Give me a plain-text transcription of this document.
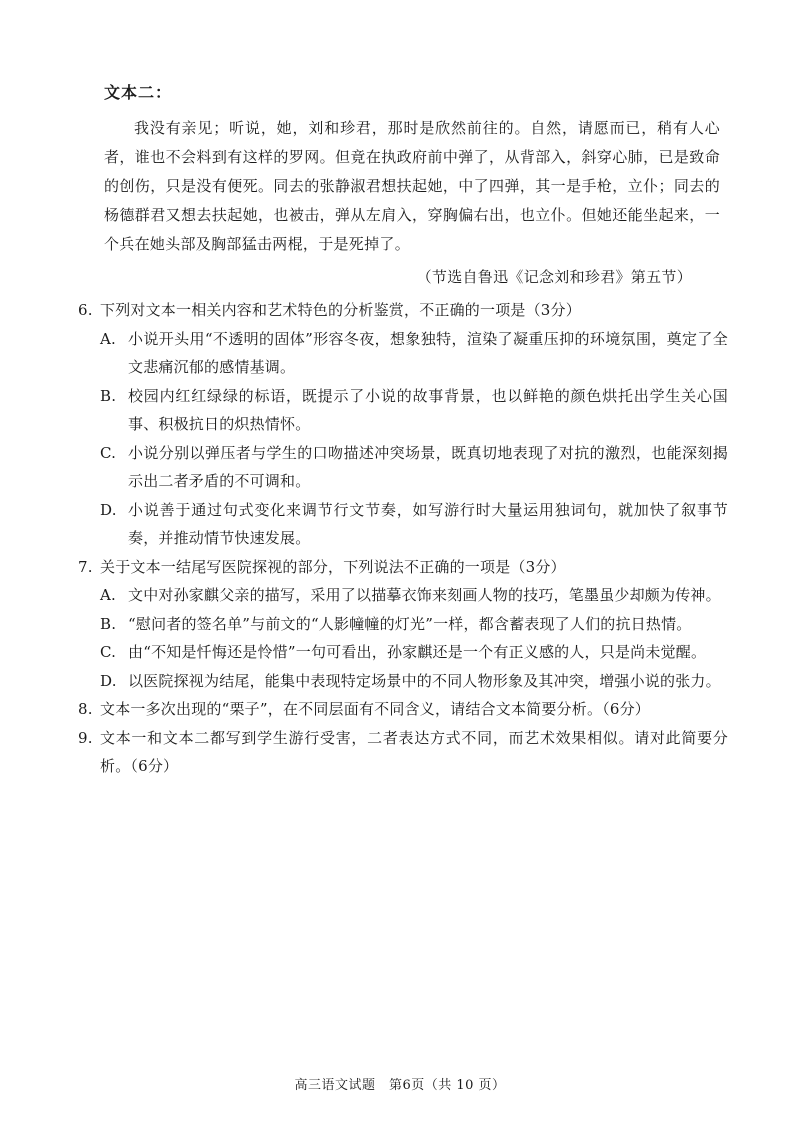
文本二：

我没有亲见；听说，她，刘和珍君，那时是欣然前往的。自然，请愿而已，稍有人心者，谁也不会料到有这样的罗网。但竟在执政府前中弹了，从背部入，斜穿心肺，已是致命的创伤，只是没有便死。同去的张静淑君想扶起她，中了四弹，其一是手枪，立仆；同去的杨德群君又想去扶起她，也被击，弹从左肩入，穿胸偏右出，也立仆。但她还能坐起来，一个兵在她头部及胸部猛击两棍，于是死掉了。

（节选自鲁迅《记念刘和珍君》第五节）
6. 下列对文本一相关内容和艺术特色的分析鉴赏，不正确的一项是（3分）
A. 小说开头用“不透明的固体”形容冬夜，想象独特，渲染了凝重压抑的环境氛围，奠定了全文悲痛沉郁的感情基调。
B. 校园内红红绿绿的标语，既提示了小说的故事背景，也以鲜艳的颜色烘托出学生关心国事、积极抗日的炽热情怀。
C. 小说分别以弹压者与学生的口吻描述冲突场景，既真切地表现了对抗的激烈，也能深刻揭示出二者矛盾的不可调和。
D. 小说善于通过句式变化来调节行文节奏，如写游行时大量运用独词句，就加快了叙事节奏，并推动情节快速发展。
7. 关于文本一结尾写医院探视的部分，下列说法不正确的一项是（3分）
A. 文中对孙家麒父亲的描写，采用了以描摹衣饰来刻画人物的技巧，笔墨虽少却颇为传神。
B. “慰问者的签名单”与前文的“人影幢幢的灯光”一样，都含蓄表现了人们的抗日热情。
C. 由“不知是忏悔还是怜惜”一句可看出，孙家麒还是一个有正义感的人，只是尚未觉醒。
D. 以医院探视为结尾，能集中表现特定场景中的不同人物形象及其冲突，增强小说的张力。
8. 文本一多次出现的“栗子”，在不同层面有不同含义，请结合文本简要分析。（6分）
9. 文本一和文本二都写到学生游行受害，二者表达方式不同，而艺术效果相似。请对此简要分析。（6分）
高三语文试题　第6页（共 10 页）
